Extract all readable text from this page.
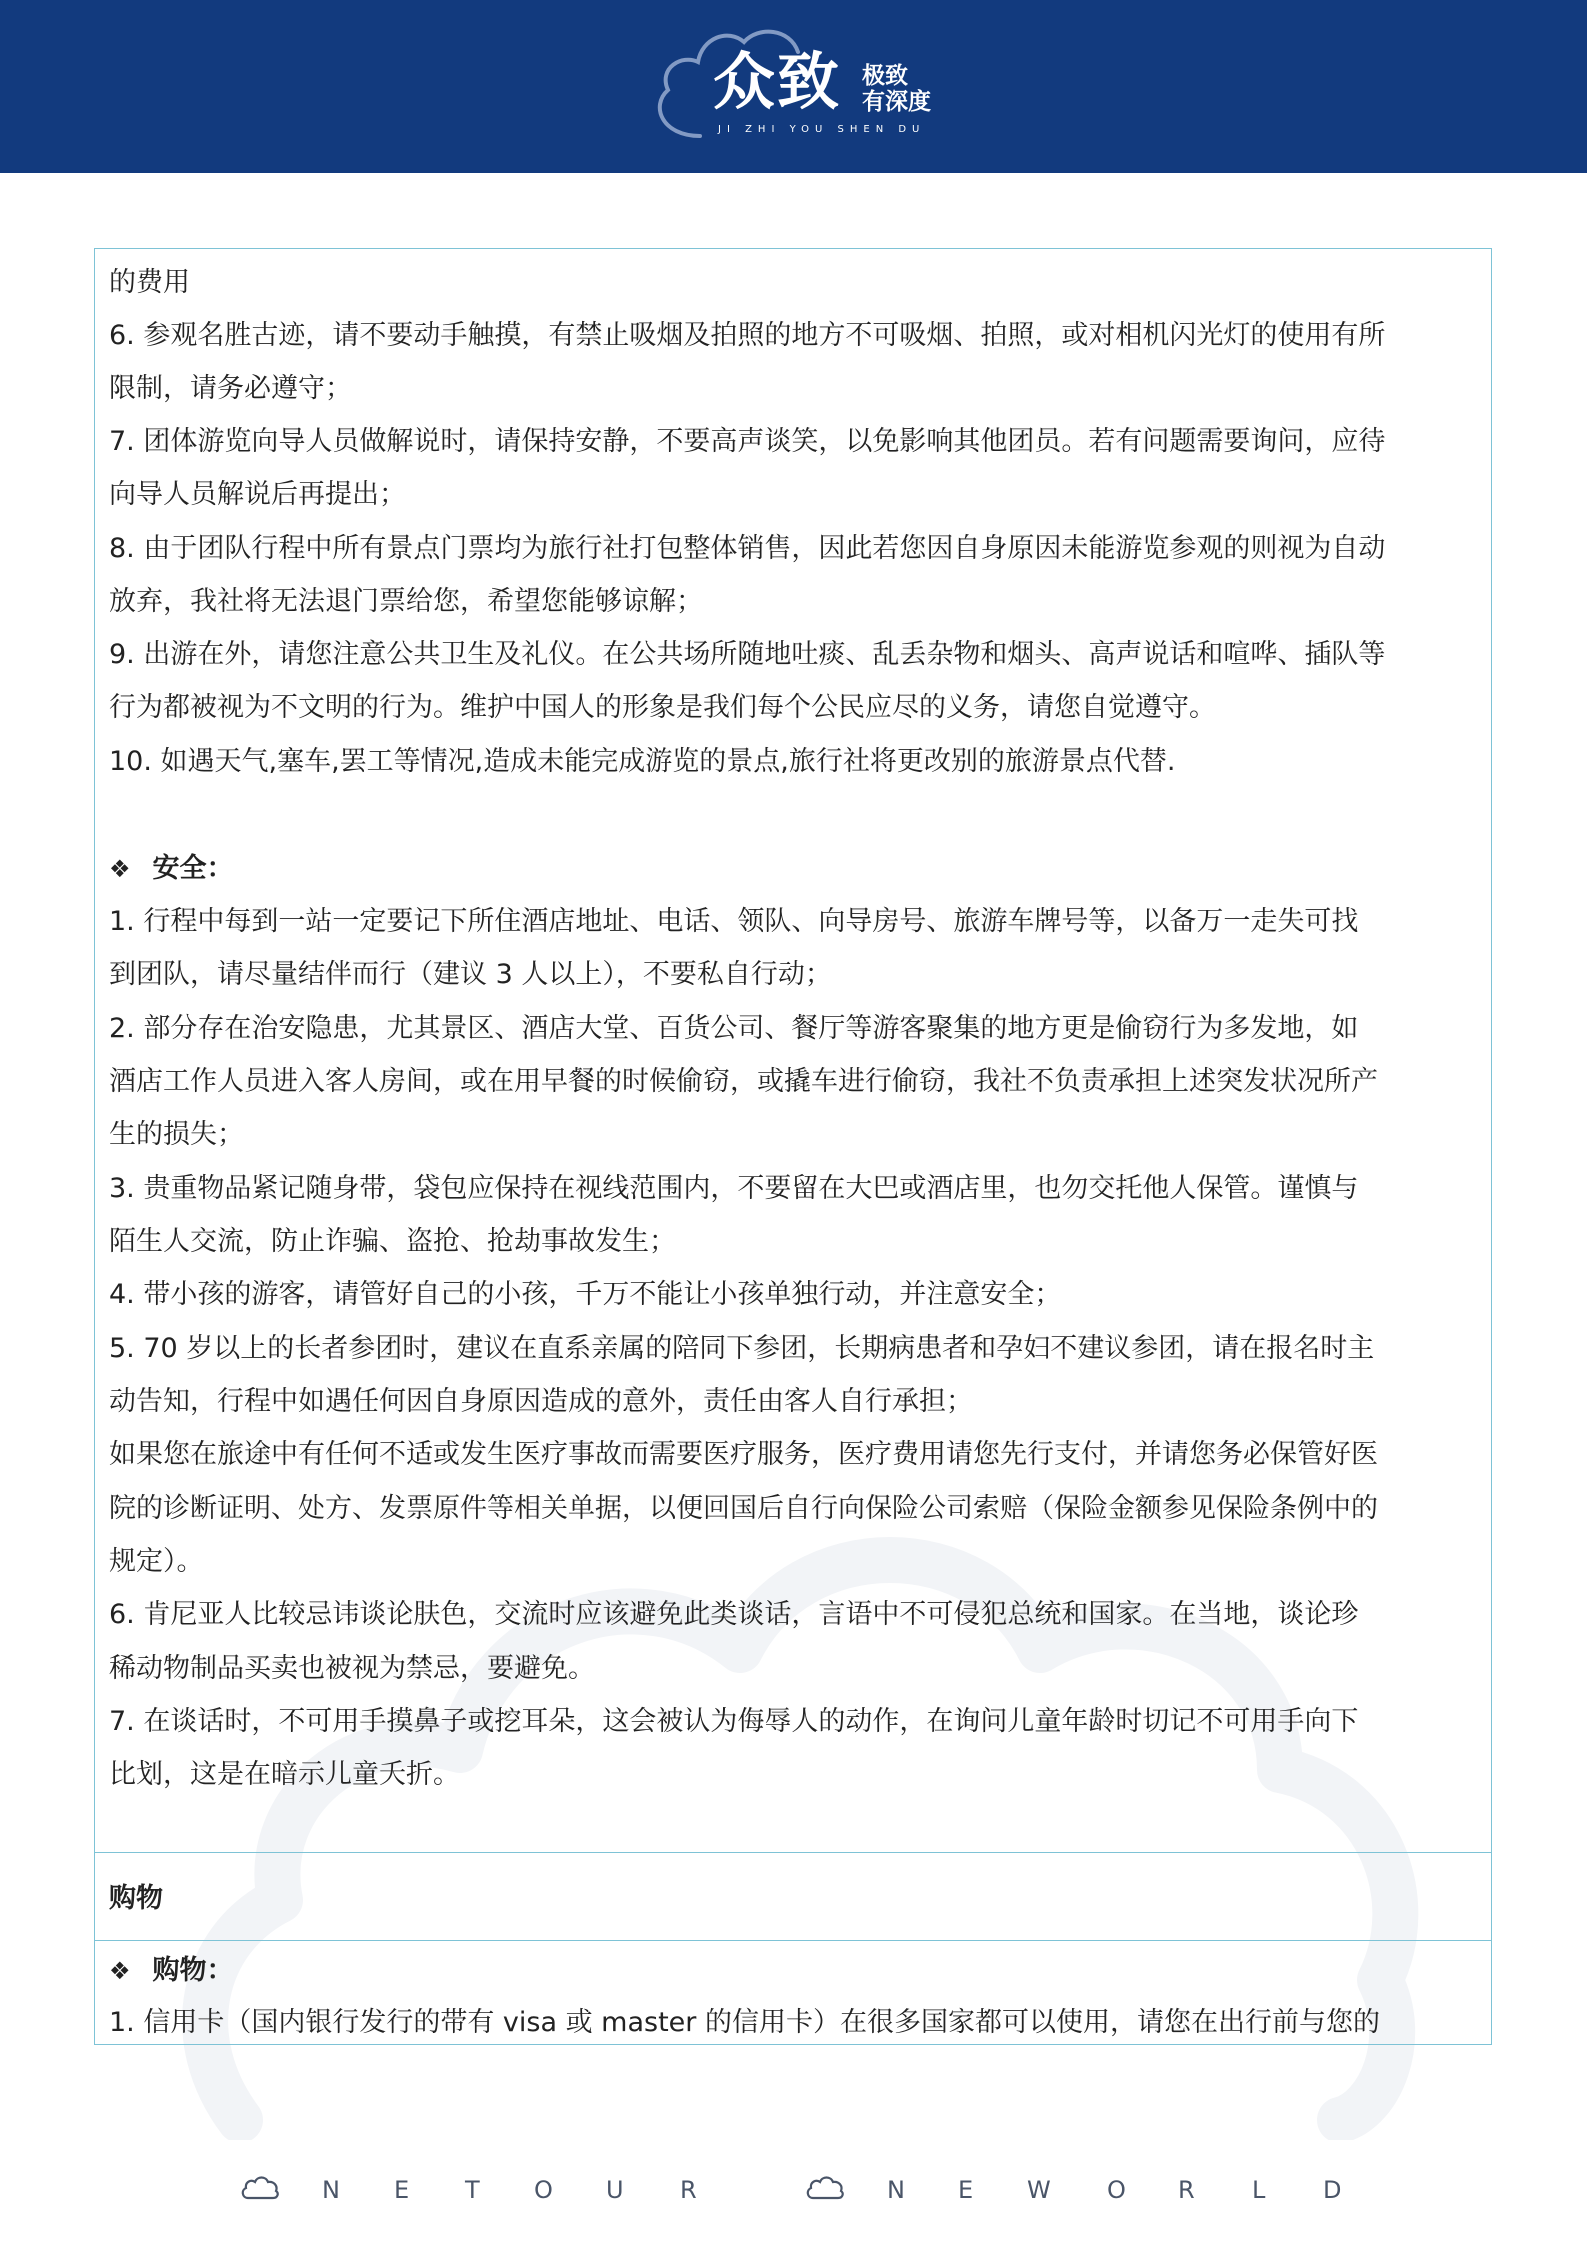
众致 极致
有深度
JI ZHI YOU SHEN DU
的费用
6. 参观名胜古迹，请不要动手触摸，有禁止吸烟及拍照的地方不可吸烟、拍照，或对相机闪光灯的使用有所
限制，请务必遵守；
7. 团体游览向导人员做解说时，请保持安静，不要高声谈笑，以免影响其他团员。若有问题需要询问，应待
向导人员解说后再提出；
8. 由于团队行程中所有景点门票均为旅行社打包整体销售，因此若您因自身原因未能游览参观的则视为自动
放弃，我社将无法退门票给您，希望您能够谅解；
9. 出游在外，请您注意公共卫生及礼仪。在公共场所随地吐痰、乱丢杂物和烟头、高声说话和喧哗、插队等
行为都被视为不文明的行为。维护中国人的形象是我们每个公民应尽的义务，请您自觉遵守。
10. 如遇天气,塞车,罢工等情况,造成未能完成游览的景点,旅行社将更改别的旅游景点代替.
❖ 安全：
1. 行程中每到一站一定要记下所住酒店地址、电话、领队、向导房号、旅游车牌号等，以备万一走失可找
到团队，请尽量结伴而行（建议 3 人以上），不要私自行动；
2. 部分存在治安隐患，尤其景区、酒店大堂、百货公司、餐厅等游客聚集的地方更是偷窃行为多发地，如
酒店工作人员进入客人房间，或在用早餐的时候偷窃，或撬车进行偷窃，我社不负责承担上述突发状况所产
生的损失；
3. 贵重物品紧记随身带，袋包应保持在视线范围内，不要留在大巴或酒店里，也勿交托他人保管。谨慎与
陌生人交流，防止诈骗、盗抢、抢劫事故发生；
4. 带小孩的游客，请管好自己的小孩，千万不能让小孩单独行动，并注意安全；
5. 70 岁以上的长者参团时，建议在直系亲属的陪同下参团，长期病患者和孕妇不建议参团，请在报名时主
动告知，行程中如遇任何因自身原因造成的意外，责任由客人自行承担；
如果您在旅途中有任何不适或发生医疗事故而需要医疗服务，医疗费用请您先行支付，并请您务必保管好医
院的诊断证明、处方、发票原件等相关单据，以便回国后自行向保险公司索赔（保险金额参见保险条例中的
规定）。
6. 肯尼亚人比较忌讳谈论肤色，交流时应该避免此类谈话，言语中不可侵犯总统和国家。在当地，谈论珍
稀动物制品买卖也被视为禁忌，要避免。
7. 在谈话时，不可用手摸鼻子或挖耳朵，这会被认为侮辱人的动作，在询问儿童年龄时切记不可用手向下
比划，这是在暗示儿童夭折。
购物
❖ 购物：
1. 信用卡（国内银行发行的带有 visa 或 master 的信用卡）在很多国家都可以使用，请您在出行前与您的
N E T O U R	N E W O R L D
